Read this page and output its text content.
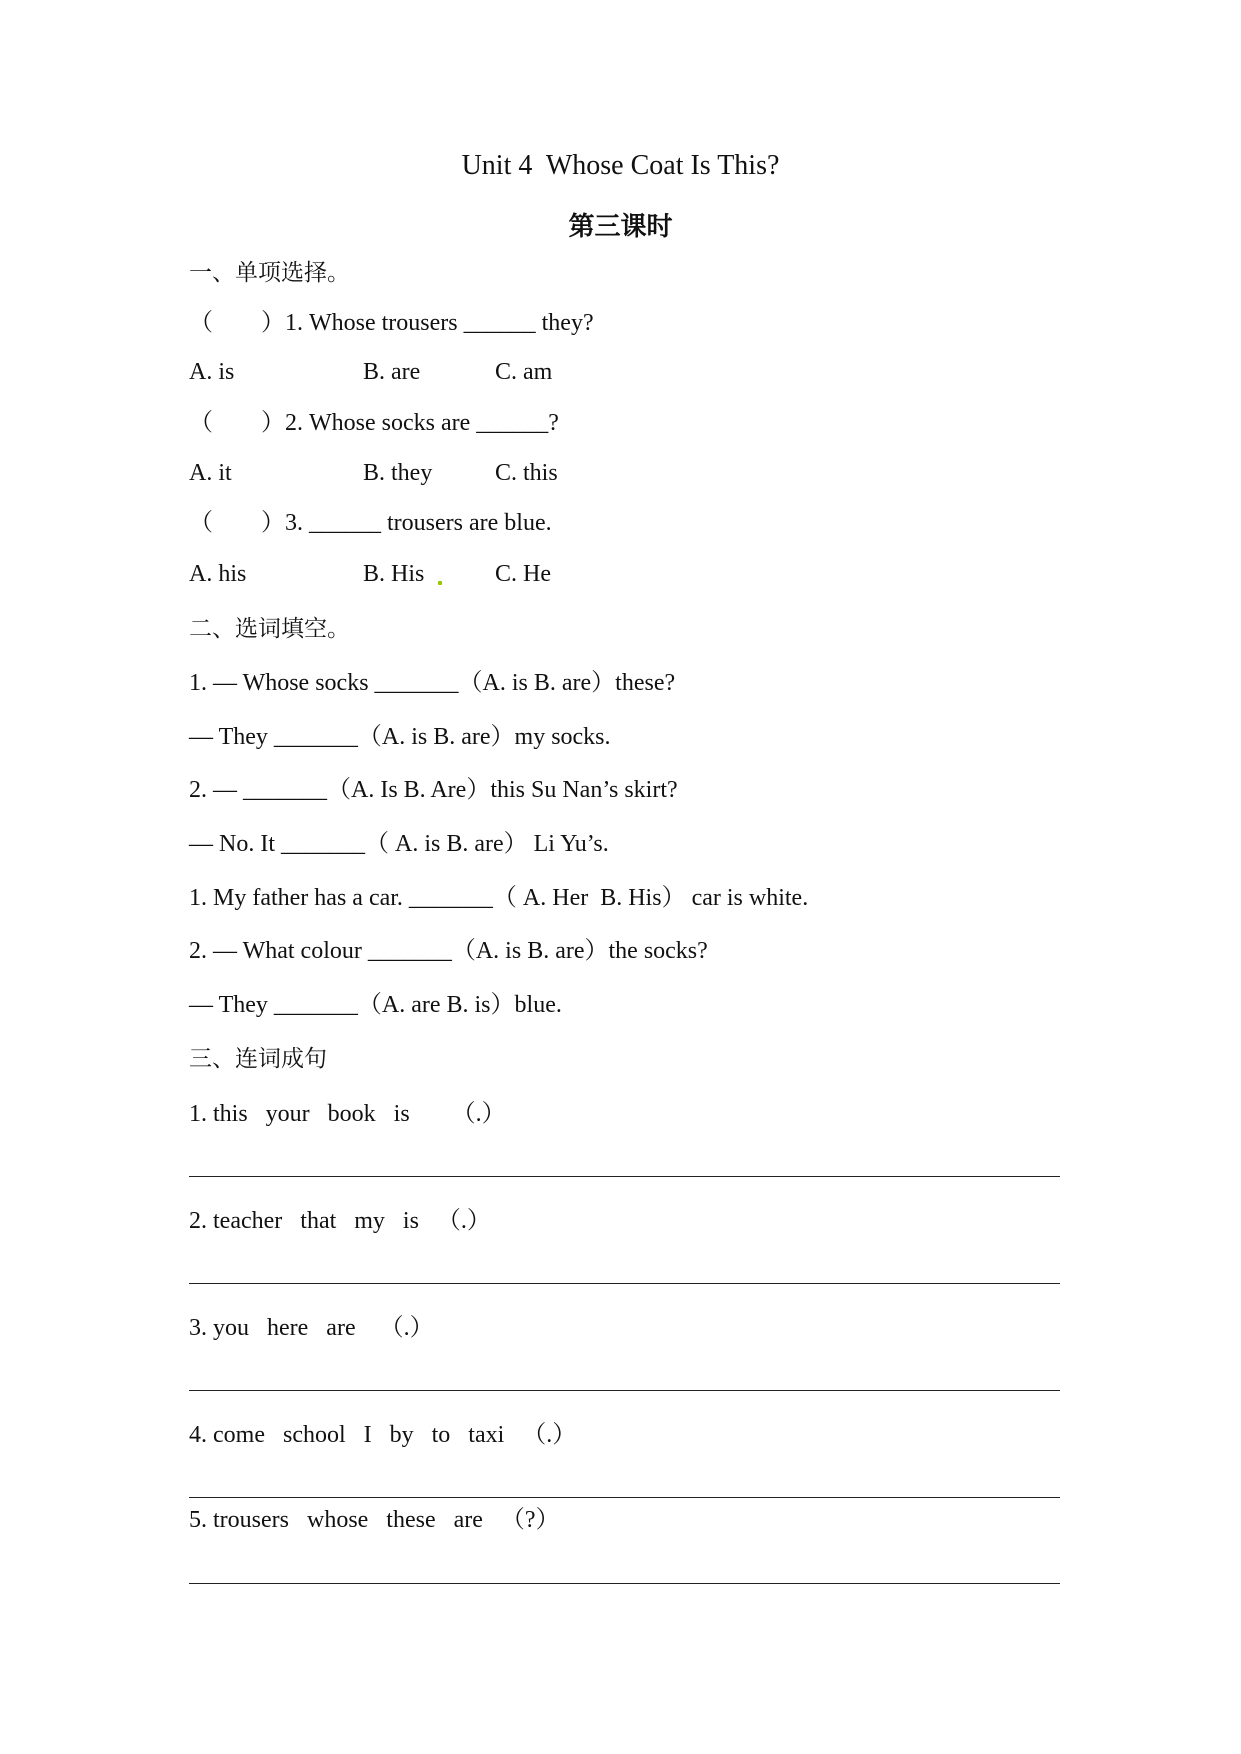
Unit 4  Whose Coat Is This?
第三课时
一、单项选择。
（　　）1. Whose trousers ______ they?
A. is	B. are	C. am
（　　）2. Whose socks are ______?
A. it	B. they	C. this
（　　）3. ______ trousers are blue.
A. his	B. His	C. He
二、选词填空。
1. — Whose socks _______（A. is B. are）these?
— They _______（A. is B. are）my socks.
2. — _______（A. Is B. Are）this Su Nan’s skirt?
— No. It _______（ A. is B. are） Li Yu’s.
1. My father has a car. _______（ A. Her  B. His） car is white.
2. — What colour _______（A. is B. are）the socks?
— They _______（A. are B. is）blue.
三、连词成句
1. this   your   book   is       （.）
2. teacher   that   my   is   （.）
3. you   here   are    （.）
4. come   school   I   by   to   taxi   （.）
5. trousers   whose   these   are   （?）
